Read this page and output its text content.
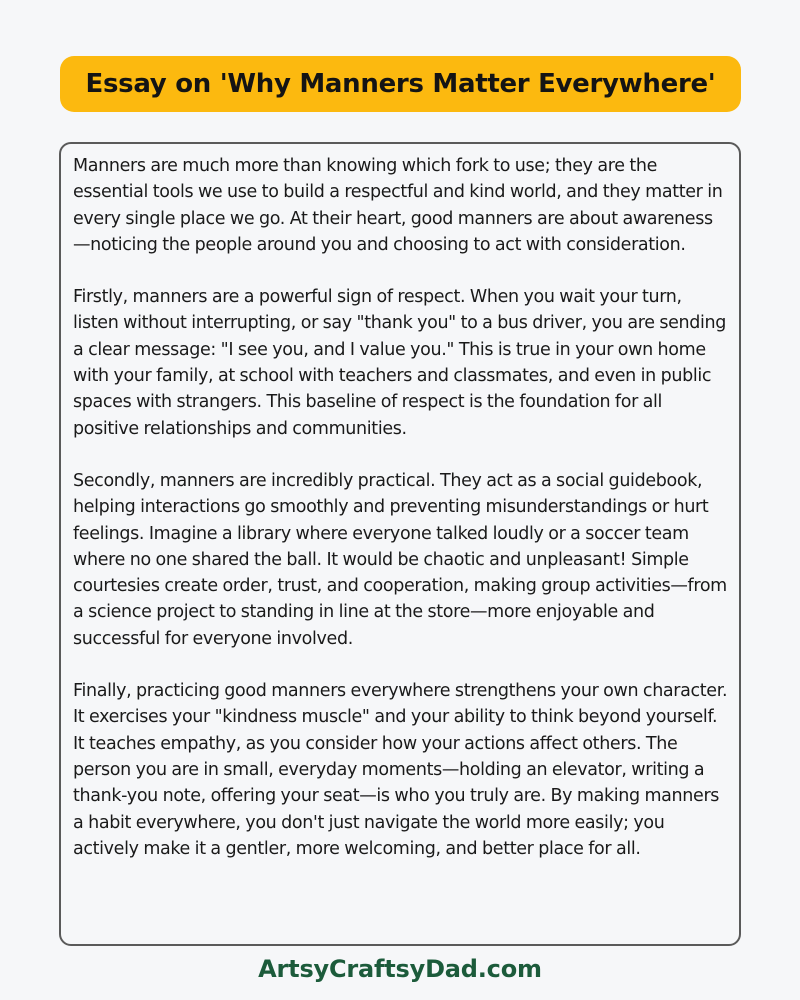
Essay on 'Why Manners Matter Everywhere'

Manners are much more than knowing which fork to use; they are the essential tools we use to build a respectful and kind world, and they matter in every single place we go. At their heart, good manners are about awareness—noticing the people around you and choosing to act with consideration.

Firstly, manners are a powerful sign of respect. When you wait your turn, listen without interrupting, or say "thank you" to a bus driver, you are sending a clear message: "I see you, and I value you." This is true in your own home with your family, at school with teachers and classmates, and even in public spaces with strangers. This baseline of respect is the foundation for all positive relationships and communities.

Secondly, manners are incredibly practical. They act as a social guidebook, helping interactions go smoothly and preventing misunderstandings or hurt feelings. Imagine a library where everyone talked loudly or a soccer team where no one shared the ball. It would be chaotic and unpleasant! Simple courtesies create order, trust, and cooperation, making group activities—from a science project to standing in line at the store—more enjoyable and successful for everyone involved.

Finally, practicing good manners everywhere strengthens your own character. It exercises your "kindness muscle" and your ability to think beyond yourself. It teaches empathy, as you consider how your actions affect others. The person you are in small, everyday moments—holding an elevator, writing a thank-you note, offering your seat—is who you truly are. By making manners a habit everywhere, you don't just navigate the world more easily; you actively make it a gentler, more welcoming, and better place for all.

ArtsyCraftsyDad.com
